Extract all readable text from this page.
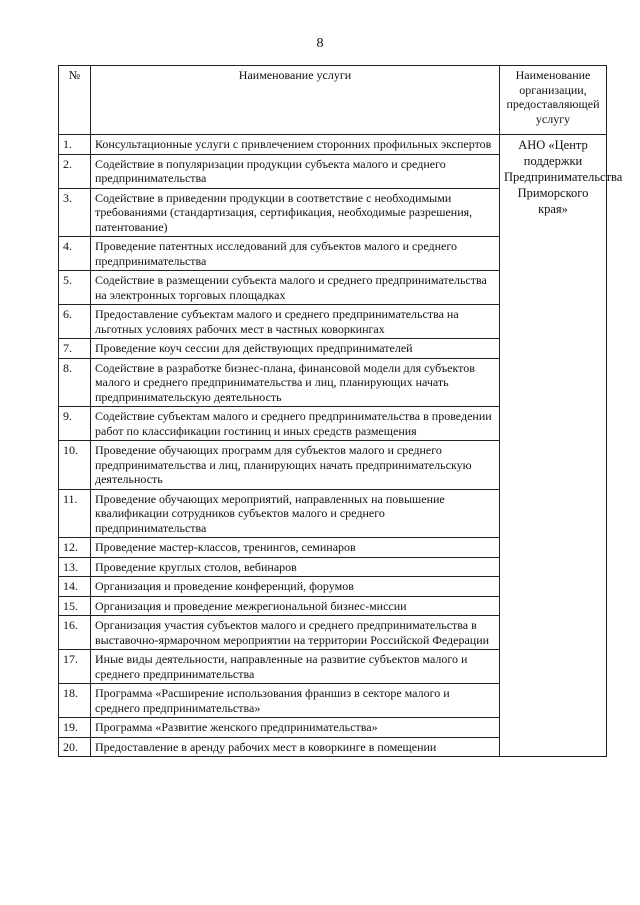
8
№	Наименование услуги	Наименование организации, предоставляющей услугу
1.	Консультационные услуги с привлечением сторонних профильных экспертов	АНО «Центр поддержки Предпринимательства Приморского края»
2.	Содействие в популяризации продукции субъекта малого и среднего предпринимательства	
3.	Содействие в приведении продукции в соответствие с необходимыми требованиями (стандартизация, сертификация, необходимые разрешения, патентование)	
4.	Проведение патентных исследований для субъектов малого и среднего предпринимательства	
5.	Содействие в размещении субъекта малого и среднего предпринимательства на электронных торговых площадках	
6.	Предоставление субъектам малого и среднего предпринимательства на льготных условиях рабочих мест в частных коворкингах	
7.	Проведение коуч сессии для действующих предпринимателей	
8.	Содействие в разработке бизнес-плана, финансовой модели для субъектов малого и среднего предпринимательства и лиц, планирующих начать предпринимательскую деятельность	
9.	Содействие субъектам малого и среднего предпринимательства в проведении работ по классификации гостиниц и иных средств размещения	
10.	Проведение обучающих программ для субъектов малого и среднего предпринимательства и лиц, планирующих начать предпринимательскую деятельность	
11.	Проведение обучающих мероприятий, направленных на повышение квалификации сотрудников субъектов малого и среднего предпринимательства	
12.	Проведение мастер-классов, тренингов, семинаров	
13.	Проведение круглых столов, вебинаров	
14.	Организация и проведение конференций, форумов	
15.	Организация и проведение межрегиональной бизнес-миссии	
16.	Организация участия субъектов малого и среднего предпринимательства в выставочно-ярмарочном мероприятии на территории Российской Федерации	
17.	Иные виды деятельности, направленные на развитие субъектов малого и среднего предпринимательства	
18.	Программа «Расширение использования франшиз в секторе малого и среднего предпринимательства»	
19.	Программа «Развитие женского предпринимательства»	
20.	Предоставление в аренду рабочих мест в коворкинге в помещении	
